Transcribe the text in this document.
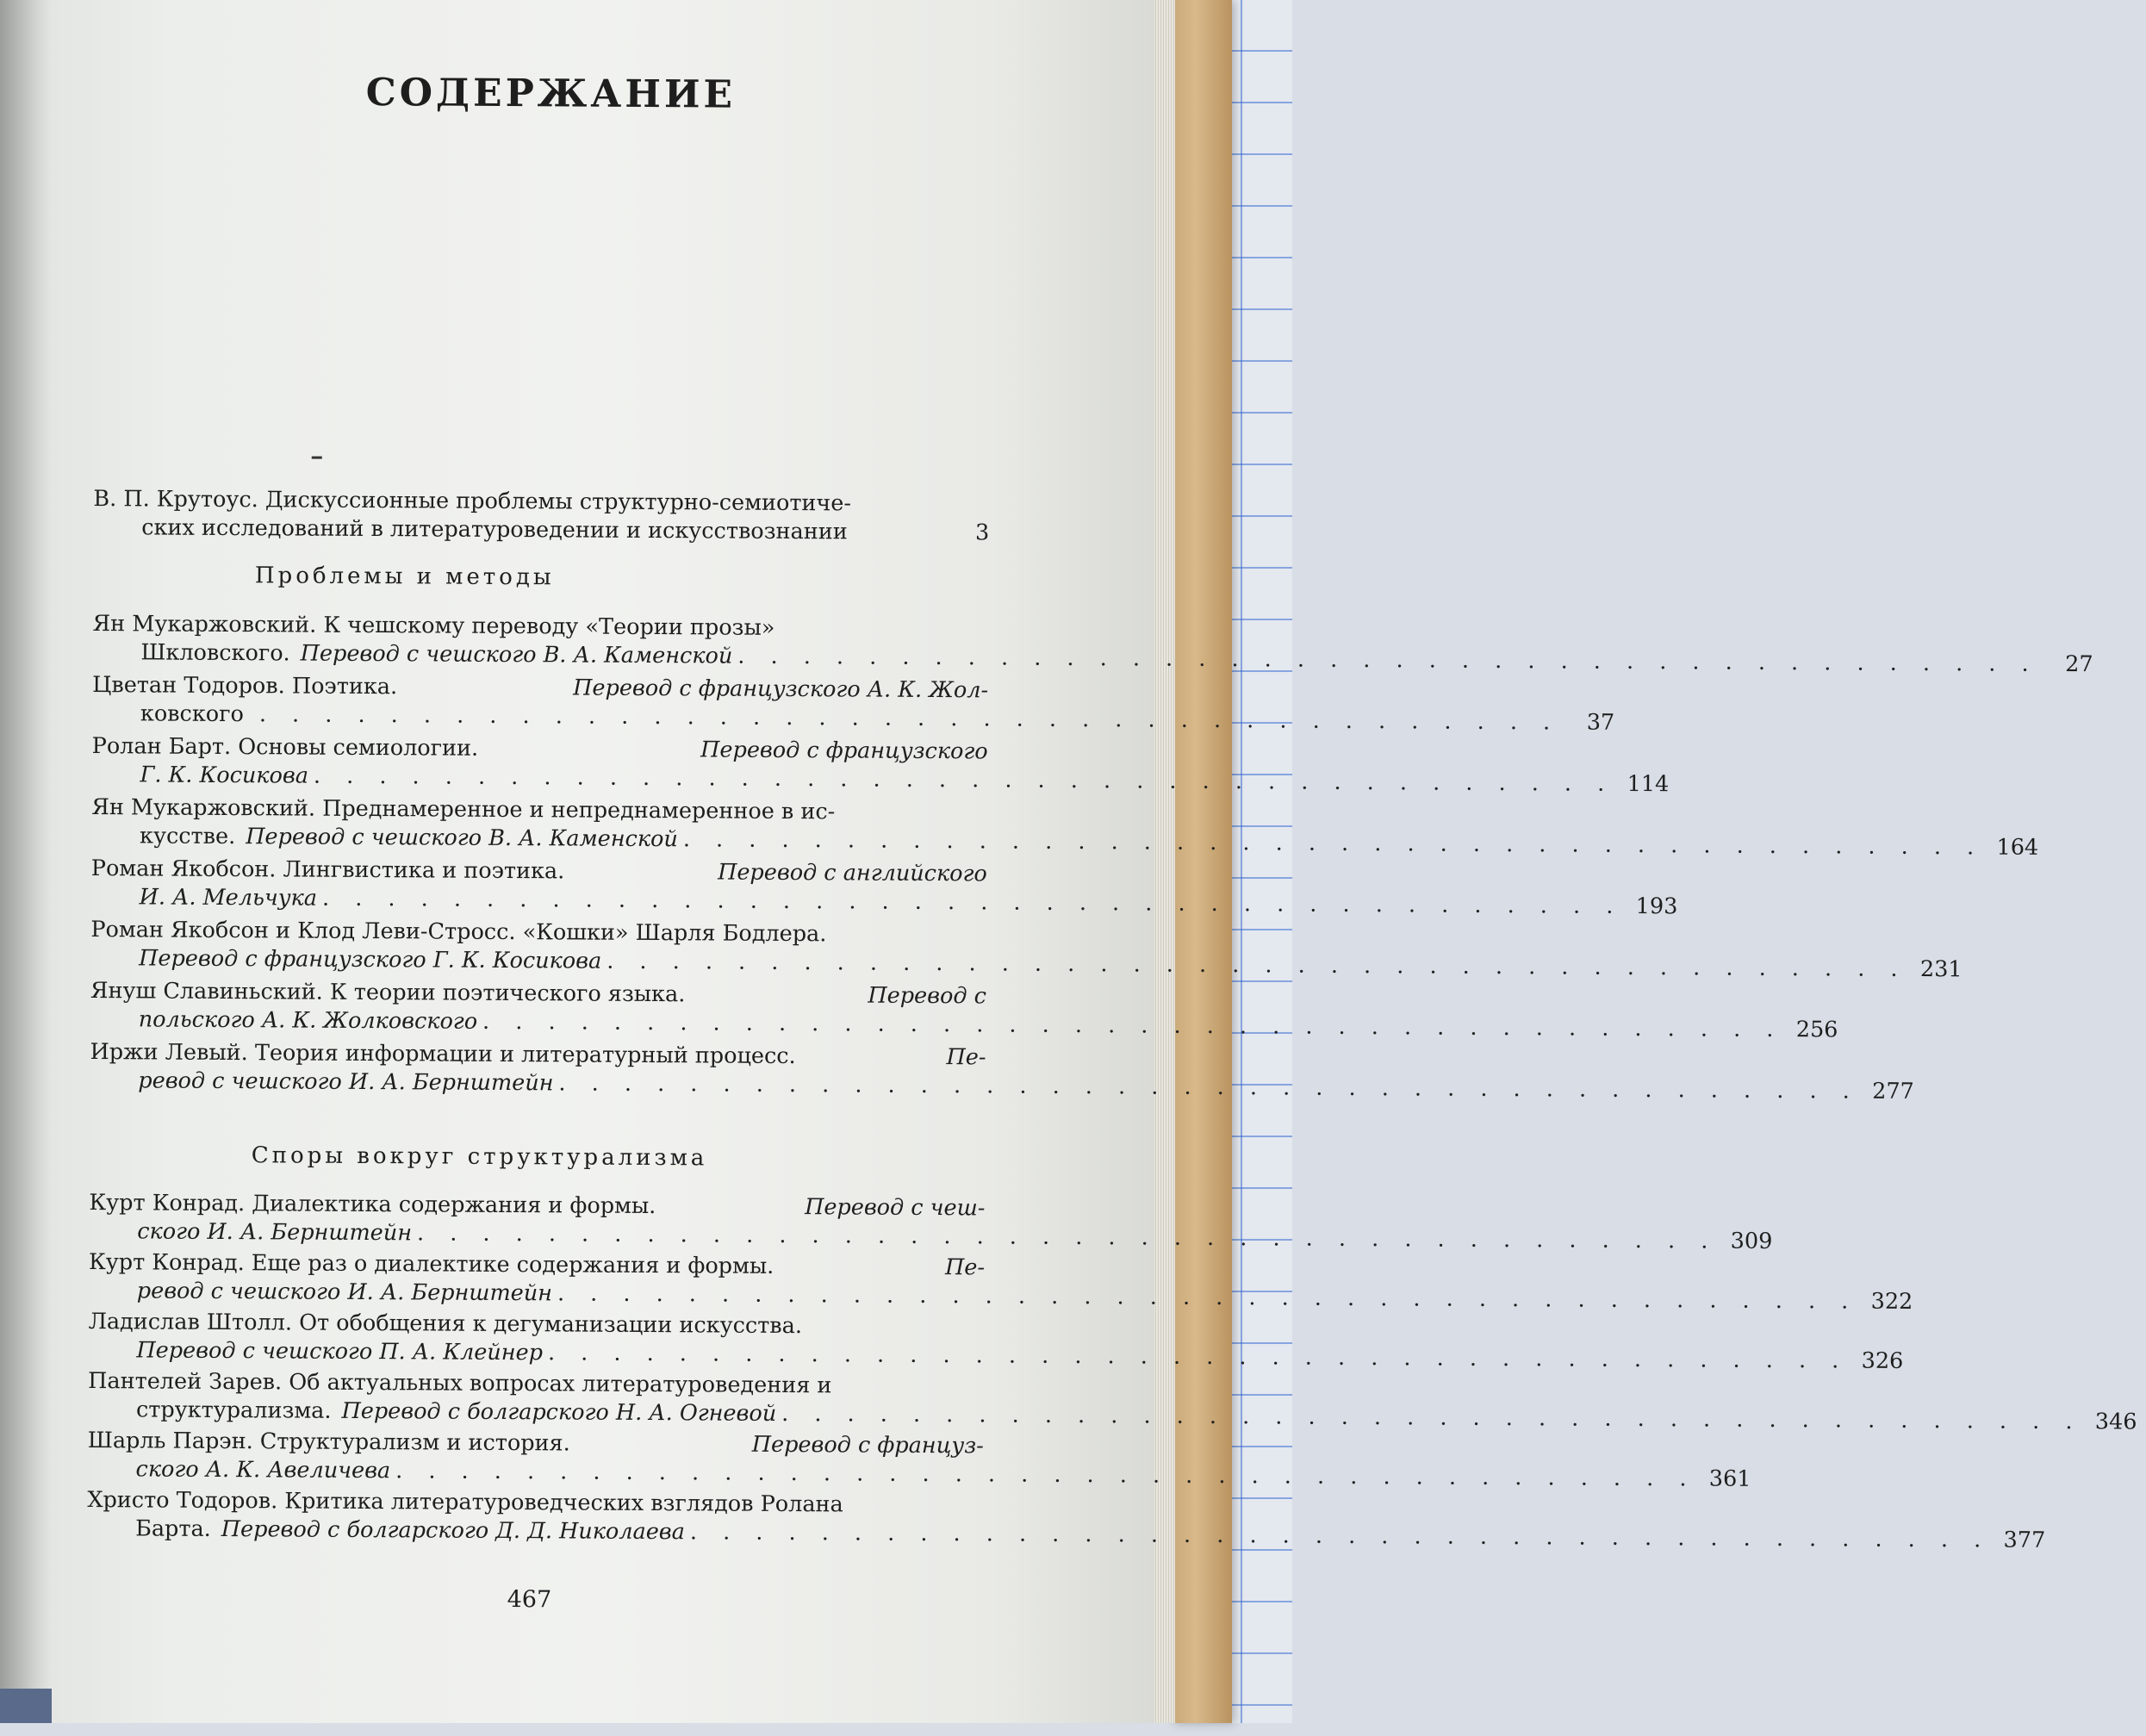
СОДЕРЖАНИЕ
В. П. Крутоус. Дискуссионные проблемы структурно-семиотиче-
ских исследований в литературоведении и искусствознании	3
Проблемы и методы
Ян Мукаржовский. К чешскому переводу «Теории прозы»
Шкловского. Перевод с чешского В. А. Каменской . . . . . . . . . . . . . . . . . . . . . . . . . . . . . . . . . . . . . . . .	27
Цветан Тодоров. Поэтика.	Перевод с французского А. К. Жол-
ковского . . . . . . . . . . . . . . . . . . . . . . . . . . . . . . . . . . . . . . . .	37
Ролан Барт. Основы семиологии.	Перевод с французского
Г. К. Косикова . . . . . . . . . . . . . . . . . . . . . . . . . . . . . . . . . . . . . . . . 114
Ян Мукаржовский. Преднамеренное и непреднамеренное в ис-
кусстве. Перевод с чешского В. А. Каменской . . . . . . . . . . . . . . . . . . . . . . . . . . . . . . . . . . . . . . . . 164
Роман Якобсон. Лингвистика и поэтика.	Перевод с английского
И. А. Мельчука . . . . . . . . . . . . . . . . . . . . . . . . . . . . . . . . . . . . . . . . 193
Роман Якобсон и Клод Леви-Стросс. «Кошки» Шарля Бодлера.
Перевод с французского Г. К. Косикова . . . . . . . . . . . . . . . . . . . . . . . . . . . . . . . . . . . . . . . . 231
Януш Славиньский. К теории поэтического языка.	Перевод с
польского А. К. Жолковского . . . . . . . . . . . . . . . . . . . . . . . . . . . . . . . . . . . . . . . . 256
Иржи Левый. Теория информации и литературный процесс.	Пе-
ревод с чешского И. А. Бернштейн . . . . . . . . . . . . . . . . . . . . . . . . . . . . . . . . . . . . . . . . 277
Споры вокруг структурализма
Курт Конрад. Диалектика содержания и формы.	Перевод с чеш-
ского И. А. Бернштейн . . . . . . . . . . . . . . . . . . . . . . . . . . . . . . . . . . . . . . . . 309
Курт Конрад. Еще раз о диалектике содержания и формы.	Пе-
ревод с чешского И. А. Бернштейн . . . . . . . . . . . . . . . . . . . . . . . . . . . . . . . . . . . . . . . . 322
Ладислав Штолл. От обобщения к дегуманизации искусства.
Перевод с чешского П. А. Клейнер . . . . . . . . . . . . . . . . . . . . . . . . . . . . . . . . . . . . . . . . 326
Пантелей Зарев. Об актуальных вопросах литературоведения и
структурализма. Перевод с болгарского Н. А. Огневой . . . . . . . . . . . . . . . . . . . . . . . . . . . . . . . . . . . . . . . . 346
Шарль Парэн. Структурализм и история.	Перевод с француз-
ского А. К. Авеличева . . . . . . . . . . . . . . . . . . . . . . . . . . . . . . . . . . . . . . . . 361
Христо Тодоров. Критика литературоведческих взглядов Ролана
Барта. Перевод с болгарского Д. Д. Николаева . . . . . . . . . . . . . . . . . . . . . . . . . . . . . . . . . . . . . . . . 377
467
